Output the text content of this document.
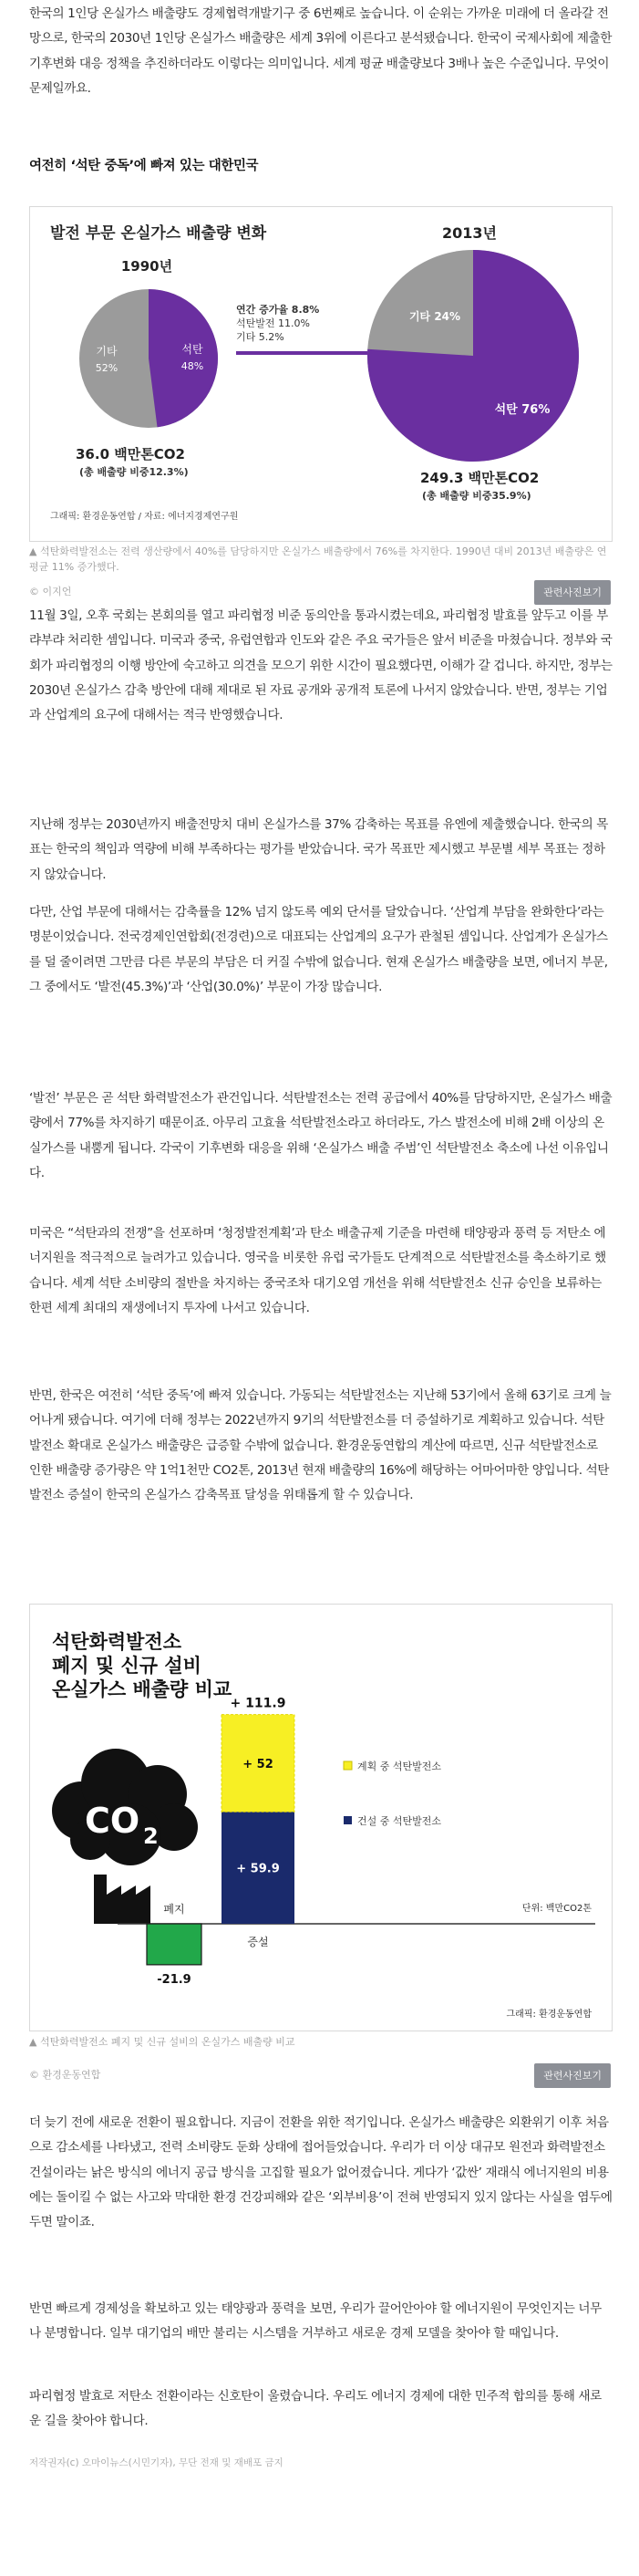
한국의 1인당 온실가스 배출량도 경제협력개발기구 중 6번째로 높습니다. 이 순위는 가까운 미래에 더 올라갈 전망으로, 한국의 2030년 1인당 온실가스 배출량은 세계 3위에 이른다고 분석됐습니다. 한국이 국제사회에 제출한 기후변화 대응 정책을 추진하더라도 이렇다는 의미입니다. 세계 평균 배출량보다 3배나 높은 수준입니다. 무엇이 문제일까요.

여전히 ‘석탄 중독’에 빠져 있는 대한민국

발전 부문 온실가스 배출량 변화
1990년
2013년
석탄
48%
기타
52%
연간 증가율 8.8%
석탄발전 11.0%
기타 5.2%
기타 24%
석탄 76%
36.0 백만톤CO2
(총 배출량 비중12.3%)	249.3 백만톤CO2
(총 배출량 비중35.9%)
그래픽: 환경운동연합 / 자료: 에너지경제연구원

▲ 석탄화력발전소는 전력 생산량에서 40%를 담당하지만 온실가스 배출량에서 76%를 차지한다. 1990년 대비 2013년 배출량은 연평균 11% 증가했다.

© 이지언	관련사진보기

11월 3일, 오후 국회는 본회의를 열고 파리협정 비준 동의안을 통과시켰는데요, 파리협정 발효를 앞두고 이를 부랴부랴 처리한 셈입니다. 미국과 중국, 유럽연합과 인도와 같은 주요 국가들은 앞서 비준을 마쳤습니다. 정부와 국회가 파리협정의 이행 방안에 숙고하고 의견을 모으기 위한 시간이 필요했다면, 이해가 갈 겁니다. 하지만, 정부는 2030년 온실가스 감축 방안에 대해 제대로 된 자료 공개와 공개적 토론에 나서지 않았습니다. 반면, 정부는 기업과 산업계의 요구에 대해서는 적극 반영했습니다.

지난해 정부는 2030년까지 배출전망치 대비 온실가스를 37% 감축하는 목표를 유엔에 제출했습니다. 한국의 목표는 한국의 책임과 역량에 비해 부족하다는 평가를 받았습니다. 국가 목표만 제시했고 부문별 세부 목표는 정하지 않았습니다.

다만, 산업 부문에 대해서는 감축률을 12% 넘지 않도록 예외 단서를 달았습니다. ‘산업계 부담을 완화한다’라는 명분이었습니다. 전국경제인연합회(전경련)으로 대표되는 산업계의 요구가 관철된 셈입니다. 산업계가 온실가스를 덜 줄이려면 그만큼 다른 부문의 부담은 더 커질 수밖에 없습니다. 현재 온실가스 배출량을 보면, 에너지 부문, 그 중에서도 ‘발전(45.3%)’과 ‘산업(30.0%)’ 부문이 가장 많습니다.

‘발전’ 부문은 곧 석탄 화력발전소가 관건입니다. 석탄발전소는 전력 공급에서 40%를 담당하지만, 온실가스 배출량에서 77%를 차지하기 때문이죠. 아무리 고효율 석탄발전소라고 하더라도, 가스 발전소에 비해 2배 이상의 온실가스를 내뿜게 됩니다. 각국이 기후변화 대응을 위해 ‘온실가스 배출 주범’인 석탄발전소 축소에 나선 이유입니다.

미국은 “석탄과의 전쟁”을 선포하며 ‘청정발전계획’과 탄소 배출규제 기준을 마련해 태양광과 풍력 등 저탄소 에너지원을 적극적으로 늘려가고 있습니다. 영국을 비롯한 유럽 국가들도 단계적으로 석탄발전소를 축소하기로 했습니다. 세계 석탄 소비량의 절반을 차지하는 중국조차 대기오염 개선을 위해 석탄발전소 신규 승인을 보류하는 한편 세계 최대의 재생에너지 투자에 나서고 있습니다.

반면, 한국은 여전히 ‘석탄 중독’에 빠져 있습니다. 가동되는 석탄발전소는 지난해 53기에서 올해 63기로 크게 늘어나게 됐습니다. 여기에 더해 정부는 2022년까지 9기의 석탄발전소를 더 증설하기로 계획하고 있습니다. 석탄발전소 확대로 온실가스 배출량은 급증할 수밖에 없습니다. 환경운동연합의 계산에 따르면, 신규 석탄발전소로 인한 배출량 증가량은 약 1억1천만 CO2톤, 2013년 현재 배출량의 16%에 해당하는 어마어마한 양입니다. 석탄발전소 증설이 한국의 온실가스 감축목표 달성을 위태롭게 할 수 있습니다.

석탄화력발전소
폐지 및 신규 설비
온실가스 배출량 비교
CO 2
+ 111.9
+ 52
+ 59.9
-21.9
폐지
증설
계획 중 석탄발전소
건설 중 석탄발전소
단위: 백만CO2톤
그래픽: 환경운동연합

▲ 석탄화력발전소 폐지 및 신규 설비의 온실가스 배출량 비교

© 환경운동연합	관련사진보기

더 늦기 전에 새로운 전환이 필요합니다. 지금이 전환을 위한 적기입니다. 온실가스 배출량은 외환위기 이후 처음으로 감소세를 나타냈고, 전력 소비량도 둔화 상태에 접어들었습니다. 우리가 더 이상 대규모 원전과 화력발전소 건설이라는 낡은 방식의 에너지 공급 방식을 고집할 필요가 없어졌습니다. 게다가 ‘값싼’ 재래식 에너지원의 비용에는 돌이킬 수 없는 사고와 막대한 환경 건강피해와 같은 ‘외부비용’이 전혀 반영되지 있지 않다는 사실을 염두에 두면 말이죠.

반면 빠르게 경제성을 확보하고 있는 태양광과 풍력을 보면, 우리가 끌어안아야 할 에너지원이 무엇인지는 너무나 분명합니다. 일부 대기업의 배만 불리는 시스템을 거부하고 새로운 경제 모델을 찾아야 할 때입니다.

파리협정 발효로 저탄소 전환이라는 신호탄이 울렸습니다. 우리도 에너지 경제에 대한 민주적 합의를 통해 새로운 길을 찾아야 합니다.

저작권자(c) 오마이뉴스(시민기자), 무단 전재 및 재배포 금지
